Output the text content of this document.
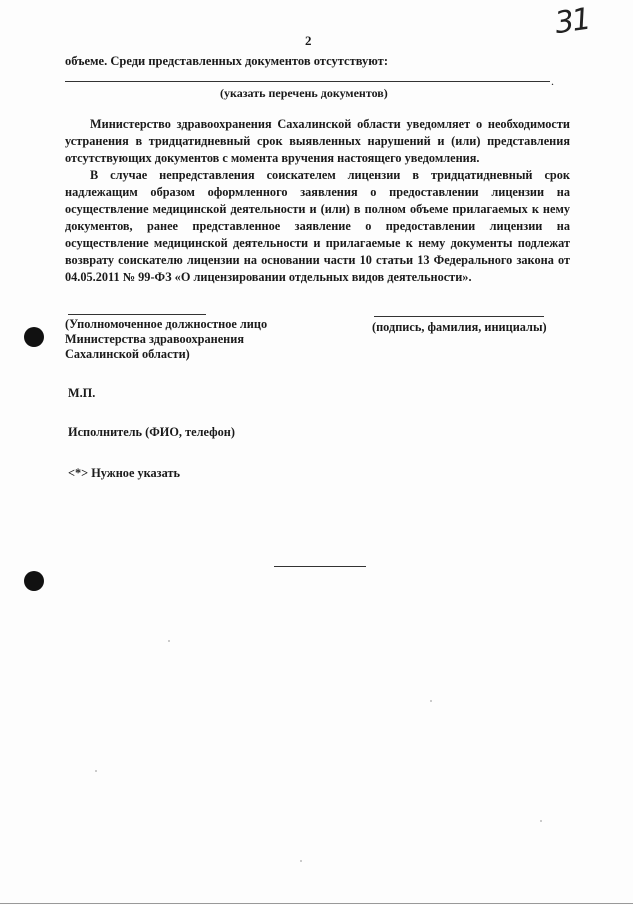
31
2
объеме. Среди представленных документов отсутствуют:
.
(указать перечень документов)
Министерство здравоохранения Сахалинской области уведомляет о необходимости устранения в тридцатидневный срок выявленных нарушений и (или) представления отсутствующих документов с момента вручения настоящего уведомления.
В случае непредставления соискателем лицензии в тридцатидневный срок надлежащим образом оформленного заявления о предоставлении лицензии на осуществление медицинской деятельности и (или) в полном объеме прилагаемых к нему документов, ранее представленное заявление о предоставлении лицензии на осуществление медицинской деятельности и прилагаемые к нему документы подлежат возврату соискателю лицензии на основании части 10 статьи 13 Федерального закона от 04.05.2011 № 99-ФЗ «О лицензировании отдельных видов деятельности».
(Уполномоченное должностное лицо
Министерства здравоохранения
Сахалинской области)
(подпись, фамилия, инициалы)
М.П.
Исполнитель (ФИО, телефон)
<*> Нужное указать
